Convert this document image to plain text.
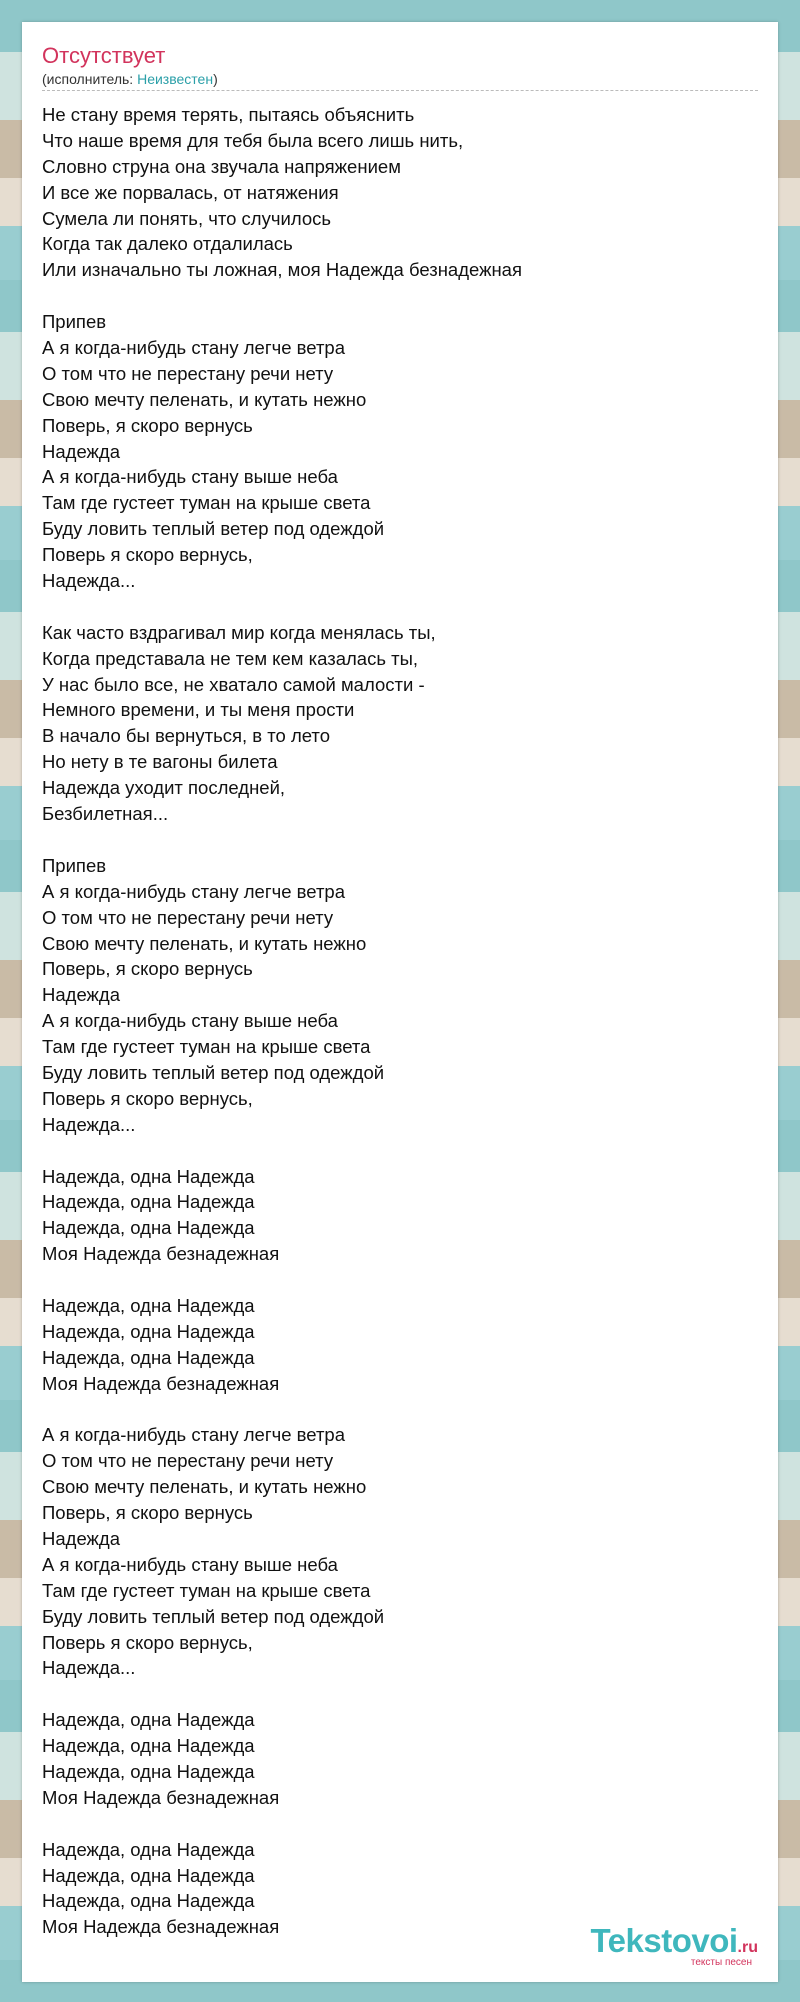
Отсутствует
(исполнитель: Неизвестен)
Не стану время терять, пытаясь объяснить
Что наше время для тебя была всего лишь нить,
Словно струна она звучала напряжением
И все же порвалась, от натяжения
Сумела ли понять, что случилось
Когда так далеко отдалилась
Или изначально ты ложная, моя Надежда безнадежная
Припев
А я когда-нибудь стану легче ветра
О том что не перестану речи нету
Свою мечту пеленать, и кутать нежно
Поверь, я скоро вернусь
Надежда
А я когда-нибудь стану выше неба
Там где густеет туман на крыше света
Буду ловить теплый ветер под одеждой
Поверь я скоро вернусь,
Надежда...
Как часто вздрагивал мир когда менялась ты,
Когда представала не тем кем казалась ты,
У нас было все, не хватало самой малости -
Немного времени, и ты меня прости
В начало бы вернуться, в то лето
Но нету в те вагоны билета
Надежда уходит последней,
Безбилетная...
Припев
А я когда-нибудь стану легче ветра
О том что не перестану речи нету
Свою мечту пеленать, и кутать нежно
Поверь, я скоро вернусь
Надежда
А я когда-нибудь стану выше неба
Там где густеет туман на крыше света
Буду ловить теплый ветер под одеждой
Поверь я скоро вернусь,
Надежда...
Надежда, одна Надежда
Надежда, одна Надежда
Надежда, одна Надежда
Моя Надежда безнадежная
Надежда, одна Надежда
Надежда, одна Надежда
Надежда, одна Надежда
Моя Надежда безнадежная
А я когда-нибудь стану легче ветра
О том что не перестану речи нету
Свою мечту пеленать, и кутать нежно
Поверь, я скоро вернусь
Надежда
А я когда-нибудь стану выше неба
Там где густеет туман на крыше света
Буду ловить теплый ветер под одеждой
Поверь я скоро вернусь,
Надежда...
Надежда, одна Надежда
Надежда, одна Надежда
Надежда, одна Надежда
Моя Надежда безнадежная
Надежда, одна Надежда
Надежда, одна Надежда
Надежда, одна Надежда
Моя Надежда безнадежная	Tekstovoi.ru
тексты песен
